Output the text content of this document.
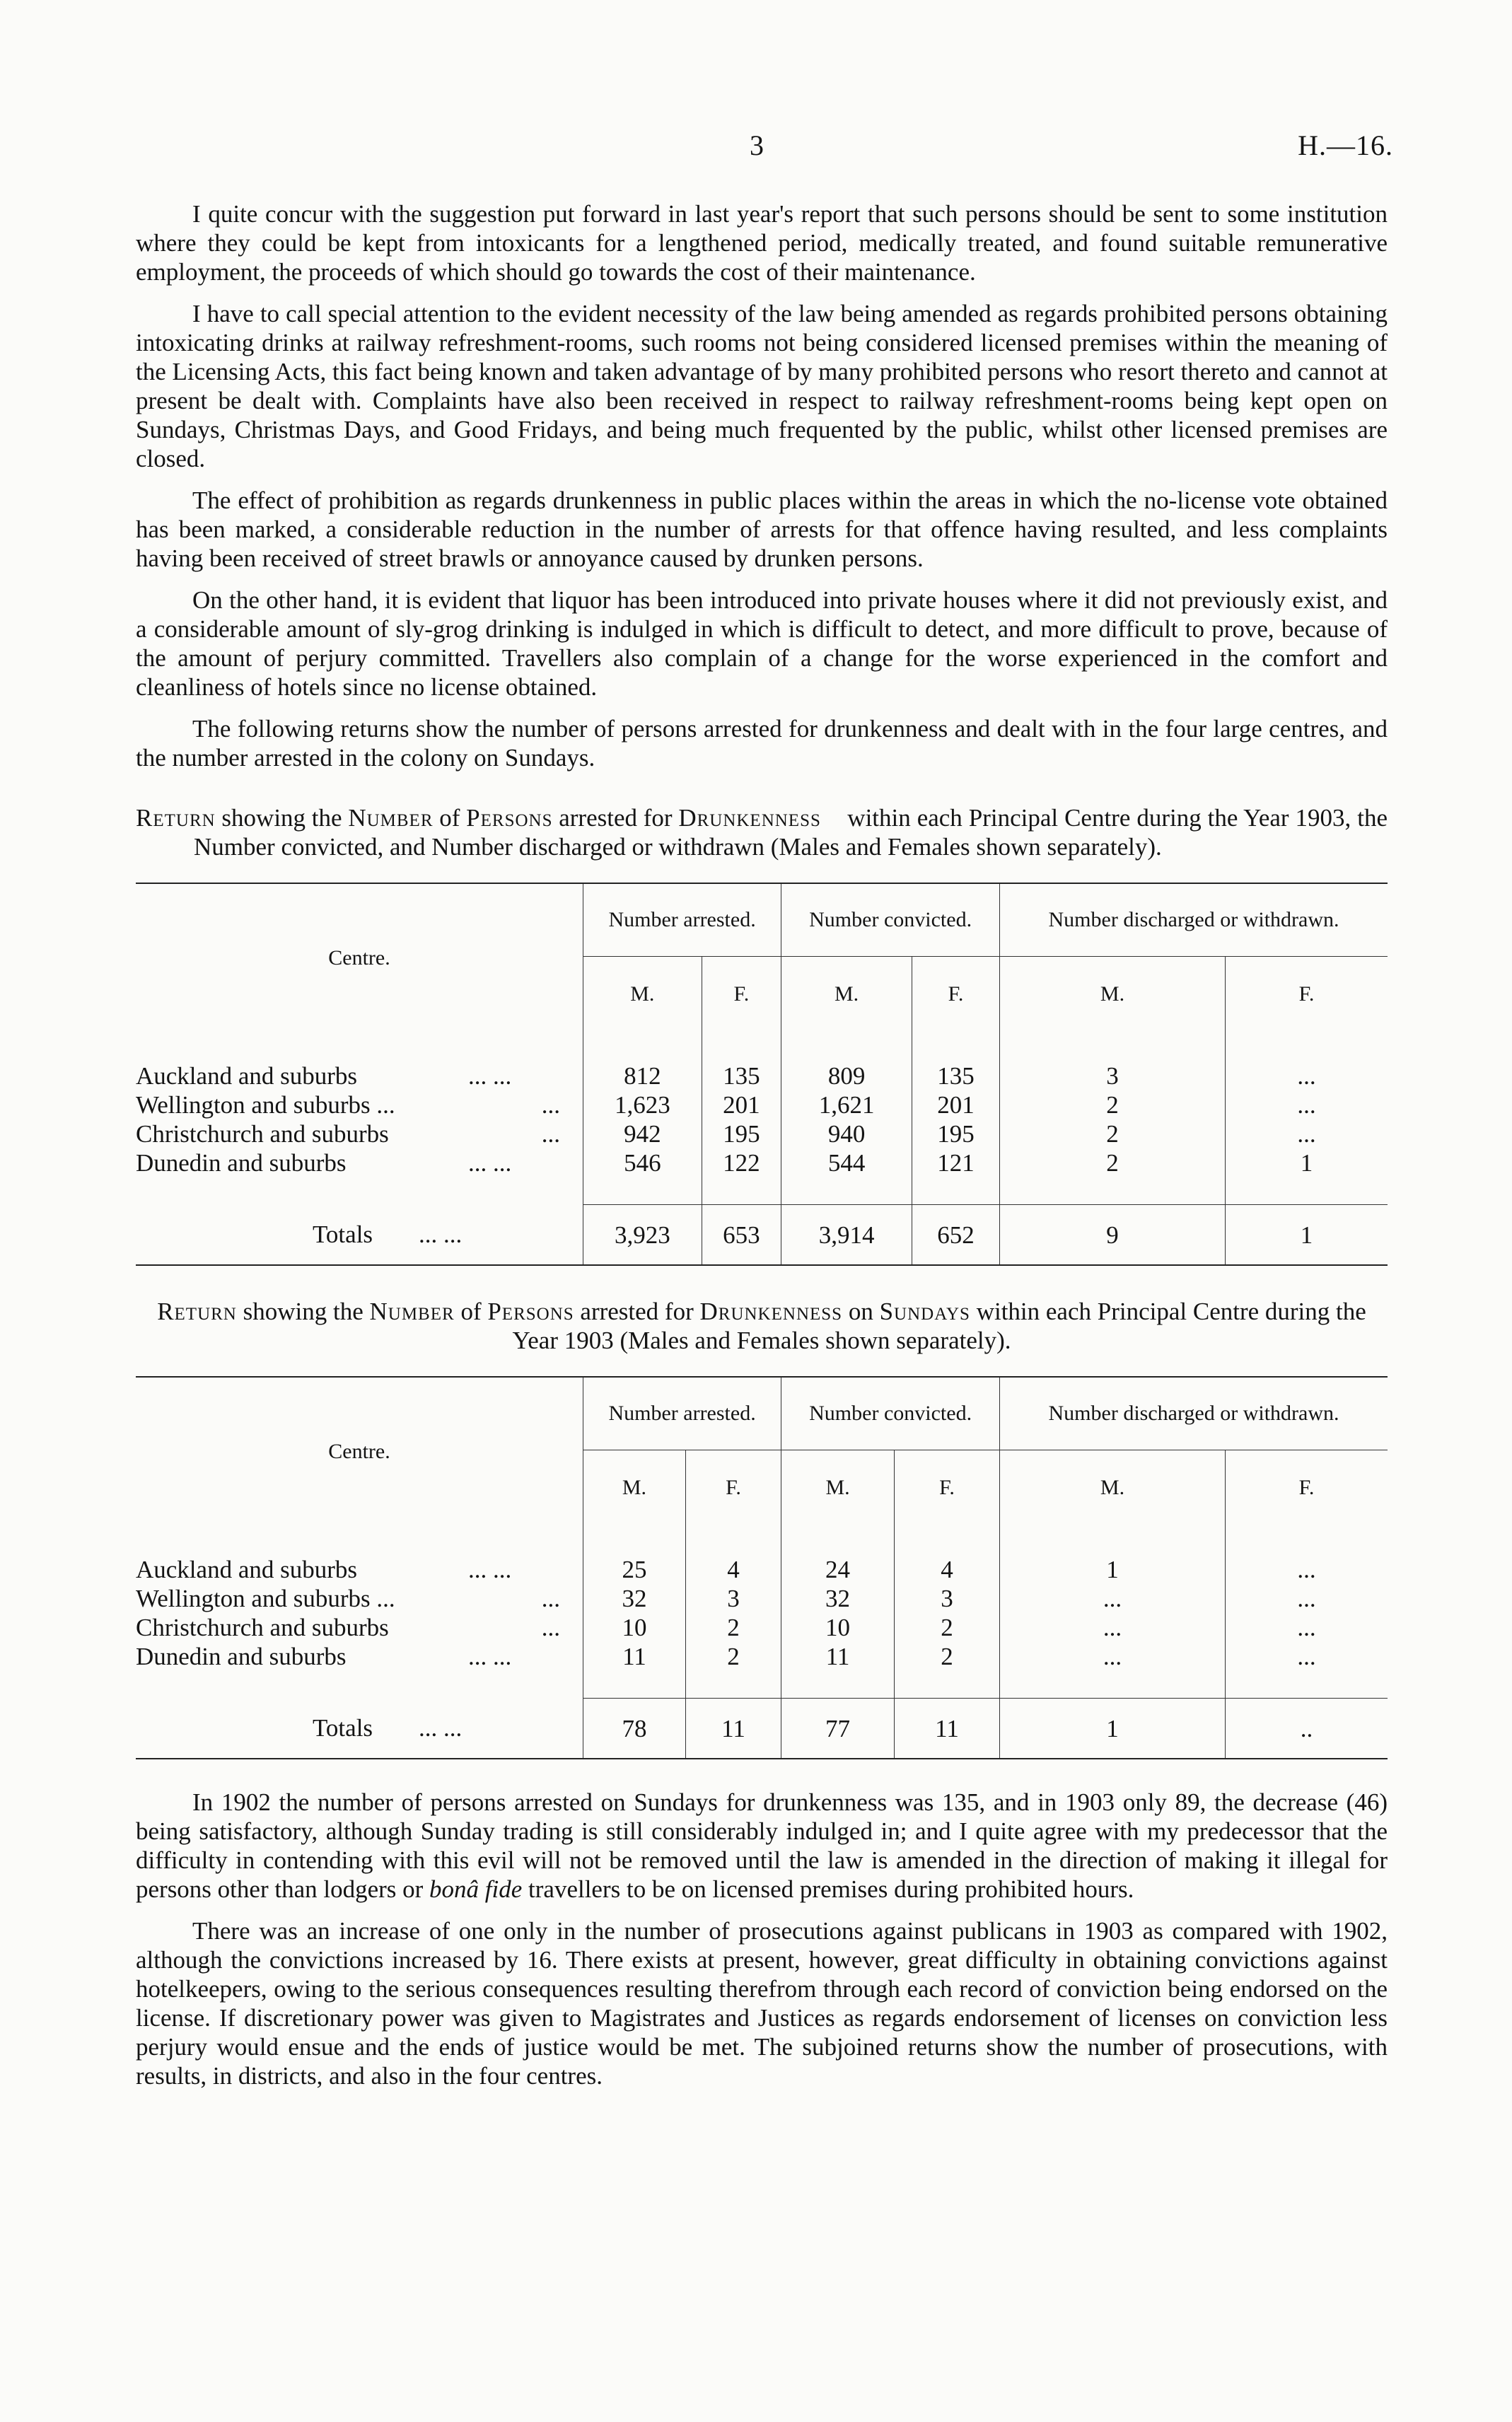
3	H.—16.

I quite concur with the suggestion put forward in last year's report that such persons should be sent to some institution where they could be kept from intoxicants for a lengthened period, medically treated, and found suitable remunerative employment, the proceeds of which should go towards the cost of their maintenance.

I have to call special attention to the evident necessity of the law being amended as regards prohibited persons obtaining intoxicating drinks at railway refreshment-rooms, such rooms not being considered licensed premises within the meaning of the Licensing Acts, this fact being known and taken advantage of by many prohibited persons who resort thereto and cannot at present be dealt with. Complaints have also been received in respect to railway refreshment-rooms being kept open on Sundays, Christmas Days, and Good Fridays, and being much frequented by the public, whilst other licensed premises are closed.

The effect of prohibition as regards drunkenness in public places within the areas in which the no-license vote obtained has been marked, a considerable reduction in the number of arrests for that offence having resulted, and less complaints having been received of street brawls or annoyance caused by drunken persons.

On the other hand, it is evident that liquor has been introduced into private houses where it did not previously exist, and a considerable amount of sly-grog drinking is indulged in which is difficult to detect, and more difficult to prove, because of the amount of perjury committed. Travellers also complain of a change for the worse experienced in the comfort and cleanliness of hotels since no license obtained.

The following returns show the number of persons arrested for drunkenness and dealt with in the four large centres, and the number arrested in the colony on Sundays.

Return showing the Number of Persons arrested for Drunkenness within each Principal Centre during the Year 1903, the Number convicted, and Number discharged or withdrawn (Males and Females shown separately).

Centre.	Number arrested.		Number convicted.		Number discharged or withdrawn.	
	M.	F.	M.	F.	M.	F.

Auckland and suburbs ... ...	812	135	809	135	3	...
Wellington and suburbs ... ...	1,623	201	1,621	201	2	...
Christchurch and suburbs ...	942	195	940	195	2	...
Dunedin and suburbs ... ...	546	122	544	121	2	1

Totals ... ...	3,923	653	3,914	652	9	1

Return showing the Number of Persons arrested for Drunkenness on Sundays within each Principal Centre during the Year 1903 (Males and Females shown separately).

Centre.	Number arrested.		Number convicted.		Number discharged or withdrawn.	
	M.	F.	M.	F.	M.	F.

Auckland and suburbs ... ...	25	4	24	4	1	...
Wellington and suburbs ... ...	32	3	32	3	...	...
Christchurch and suburbs ...	10	2	10	2	...	...
Dunedin and suburbs ... ...	11	2	11	2	...	...

Totals ... ...	78	11	77	11	1	..

In 1902 the number of persons arrested on Sundays for drunkenness was 135, and in 1903 only 89, the decrease (46) being satisfactory, although Sunday trading is still considerably indulged in; and I quite agree with my predecessor that the difficulty in contending with this evil will not be removed until the law is amended in the direction of making it illegal for persons other than lodgers or bonâ fide travellers to be on licensed premises during prohibited hours.

There was an increase of one only in the number of prosecutions against publicans in 1903 as compared with 1902, although the convictions increased by 16. There exists at present, however, great difficulty in obtaining convictions against hotelkeepers, owing to the serious consequences resulting therefrom through each record of conviction being endorsed on the license. If discretionary power was given to Magistrates and Justices as regards endorsement of licenses on conviction less perjury would ensue and the ends of justice would be met. The subjoined returns show the number of prosecutions, with results, in districts, and also in the four centres.
